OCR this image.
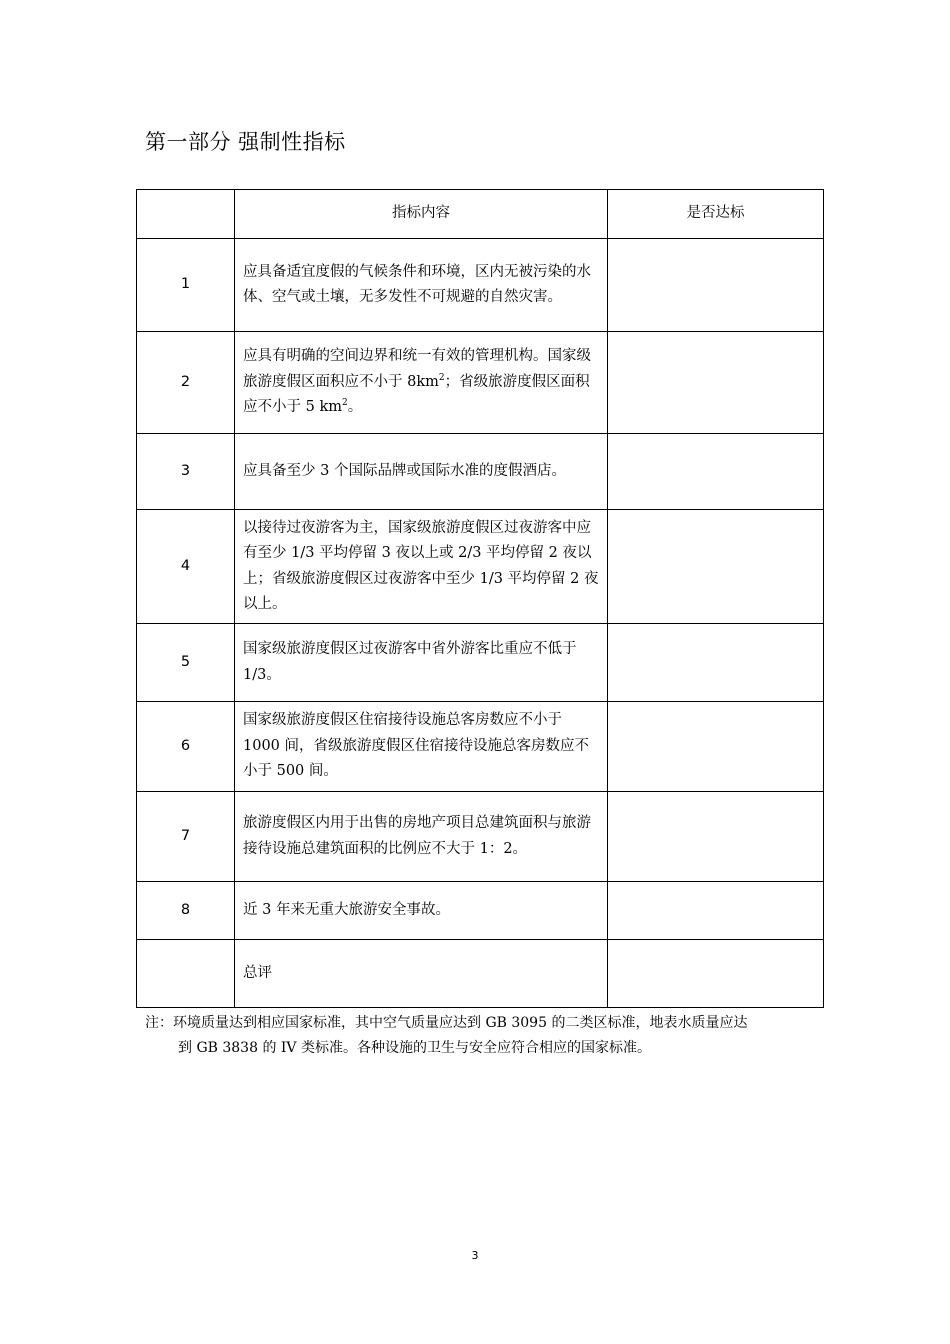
第一部分 强制性指标
	指标内容	是否达标
1	应具备适宜度假的气候条件和环境，区内无被污染的水体、空气或土壤，无多发性不可规避的自然灾害。	
2	应具有明确的空间边界和统一有效的管理机构。国家级旅游度假区面积应不小于 $8km^2$；省级旅游度假区面积应不小于 5 $km^2$。	
3	应具备至少 3 个国际品牌或国际水准的度假酒店。	
4	以接待过夜游客为主，国家级旅游度假区过夜游客中应有至少 1/3 平均停留 3 夜以上或 2/3 平均停留 2 夜以上；省级旅游度假区过夜游客中至少 1/3 平均停留 2 夜以上。	
5	国家级旅游度假区过夜游客中省外游客比重应不低于 1/3。	
6	国家级旅游度假区住宿接待设施总客房数应不小于 1000 间，省级旅游度假区住宿接待设施总客房数应不小于 500 间。	
7	旅游度假区内用于出售的房地产项目总建筑面积与旅游接待设施总建筑面积的比例应不大于 1：2。	
8	近 3 年来无重大旅游安全事故。	
	总评	
注：环境质量达到相应国家标准，其中空气质量应达到 GB 3095 的二类区标准，地表水质量应达
到 GB 3838 的 IV 类标准。各种设施的卫生与安全应符合相应的国家标准。
3
